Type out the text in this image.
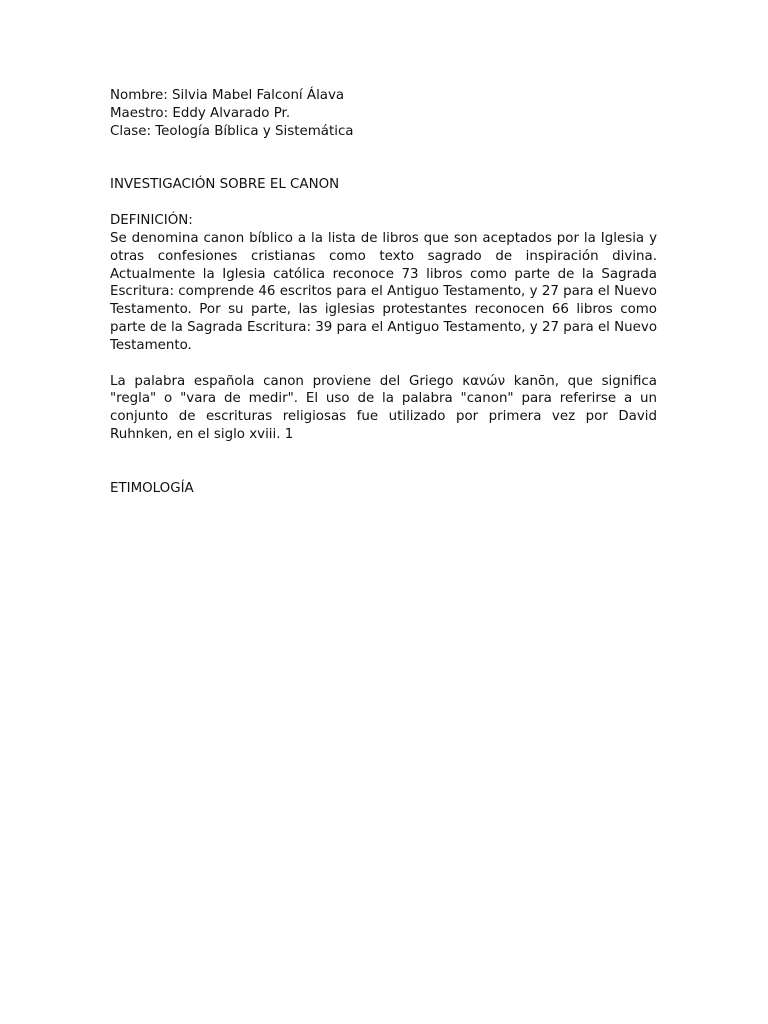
Nombre: Silvia Mabel Falconí Álava
Maestro: Eddy Alvarado Pr.
Clase: Teología Bíblica y Sistemática
INVESTIGACIÓN SOBRE EL CANON
DEFINICIÓN:

Se denomina canon bíblico a la lista de libros que son aceptados por la Iglesia y otras confesiones cristianas como texto sagrado de inspiración divina. Actualmente la Iglesia católica reconoce 73 libros como parte de la Sagrada Escritura: comprende 46 escritos para el Antiguo Testamento, y 27 para el Nuevo Testamento. Por su parte, las iglesias protestantes reconocen 66 libros como parte de la Sagrada Escritura: 39 para el Antiguo Testamento, y 27 para el Nuevo Testamento.

La palabra española canon proviene del Griego κανών kanōn, que significa "regla" o "vara de medir". El uso de la palabra "canon" para referirse a un conjunto de escrituras religiosas fue utilizado por primera vez por David Ruhnken, en el siglo xviii. 1

ETIMOLOGÍA
